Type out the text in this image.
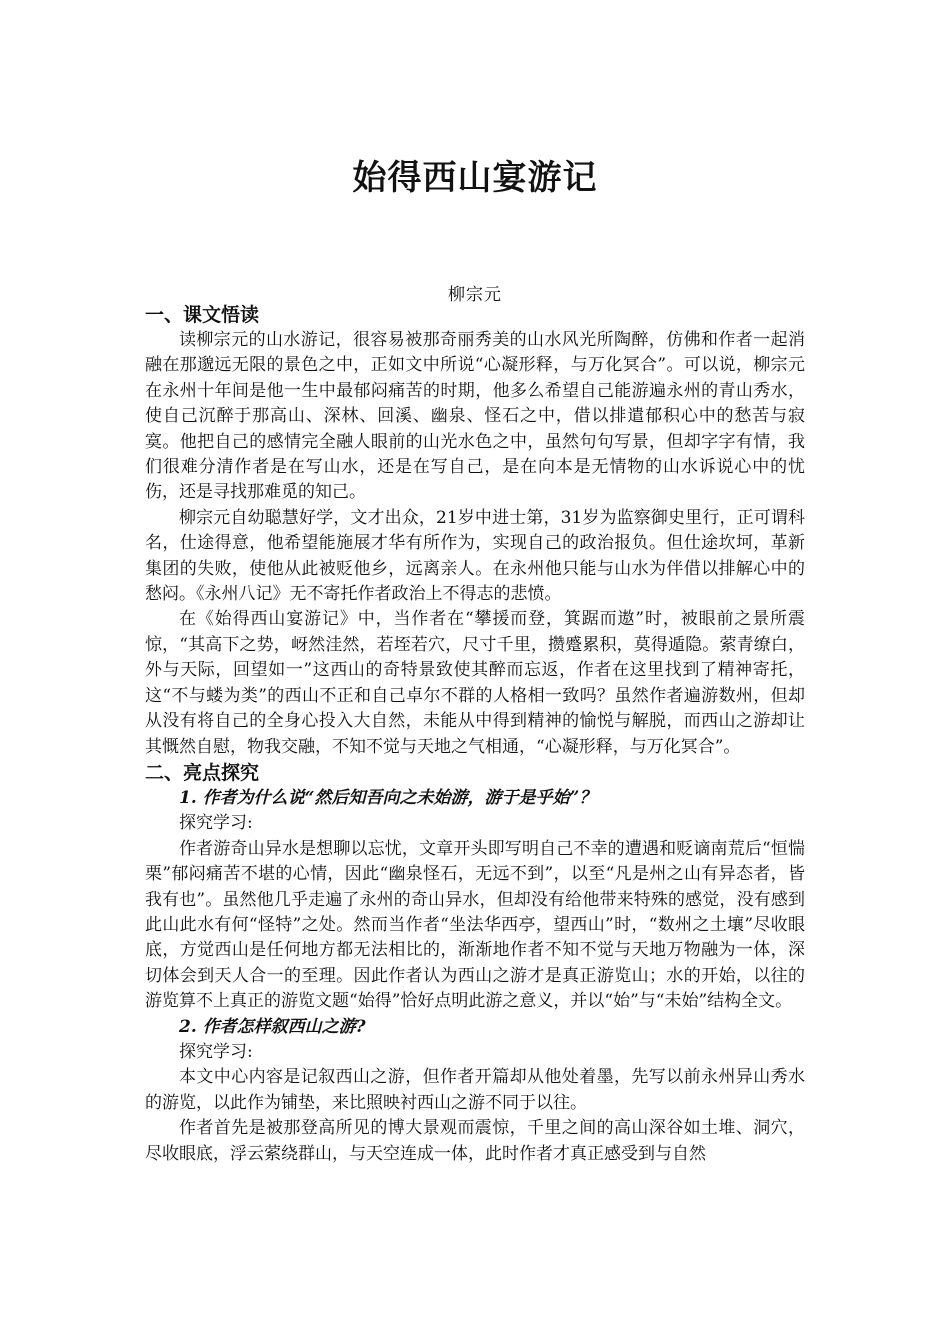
始得西山宴游记
柳宗元
一、课文悟读

读柳宗元的山水游记，很容易被那奇丽秀美的山水风光所陶醉，仿佛和作者一起消融在那邈远无限的景色之中，正如文中所说“心凝形释，与万化冥合”。可以说，柳宗元在永州十年间是他一生中最郁闷痛苦的时期，他多么希望自己能游遍永州的青山秀水，使自己沉醉于那高山、深林、回溪、幽泉、怪石之中，借以排遣郁积心中的愁苦与寂寞。他把自己的感情完全融人眼前的山光水色之中，虽然句句写景，但却字字有情，我们很难分清作者是在写山水，还是在写自己，是在向本是无情物的山水诉说心中的忧伤，还是寻找那难觅的知己。

柳宗元自幼聪慧好学，文才出众，21岁中进士第，31岁为监察御史里行，正可谓科名，仕途得意，他希望能施展才华有所作为，实现自己的政治报负。但仕途坎坷，革新集团的失败，使他从此被贬他乡，远离亲人。在永州他只能与山水为伴借以排解心中的愁闷。《永州八记》无不寄托作者政治上不得志的悲愤。

在《始得西山宴游记》中，当作者在“攀援而登，箕踞而遨”时，被眼前之景所震惊，“其高下之势，岈然洼然，若垤若穴，尺寸千里，攒蹙累积，莫得遁隐。萦青缭白，外与天际，回望如一”这西山的奇特景致使其醉而忘返，作者在这里找到了精神寄托，这“不与蝼为类”的西山不正和自己卓尔不群的人格相一致吗？虽然作者遍游数州，但却从没有将自己的全身心投入大自然，未能从中得到精神的愉悦与解脱，而西山之游却让其慨然自慰，物我交融，不知不觉与天地之气相通，“心凝形释，与万化冥合”。

二、亮点探究

1. 作者为什么说“然后知吾向之未始游，游于是乎始”？

探究学习:

作者游奇山异水是想聊以忘忧，文章开头即写明自己不幸的遭遇和贬谪南荒后“恒惴栗”郁闷痛苦不堪的心情，因此“幽泉怪石，无远不到”，以至“凡是州之山有异态者，皆我有也”。虽然他几乎走遍了永州的奇山异水，但却没有给他带来特殊的感觉，没有感到此山此水有何“怪特”之处。然而当作者“坐法华西亭，望西山”时，“数州之土壤”尽收眼底，方觉西山是任何地方都无法相比的，渐渐地作者不知不觉与天地万物融为一体，深切体会到天人合一的至理。因此作者认为西山之游才是真正游览山；水的开始，以往的游览算不上真正的游览文题“始得”恰好点明此游之意义，并以“始”与“未始”结构全文。

2. 作者怎样叙西山之游?

探究学习:

本文中心内容是记叙西山之游，但作者开篇却从他处着墨，先写以前永州异山秀水的游览，以此作为铺垫，来比照映衬西山之游不同于以往。

作者首先是被那登高所见的博大景观而震惊，千里之间的高山深谷如土堆、洞穴，尽收眼底，浮云萦绕群山，与天空连成一体，此时作者才真正感受到与自然
